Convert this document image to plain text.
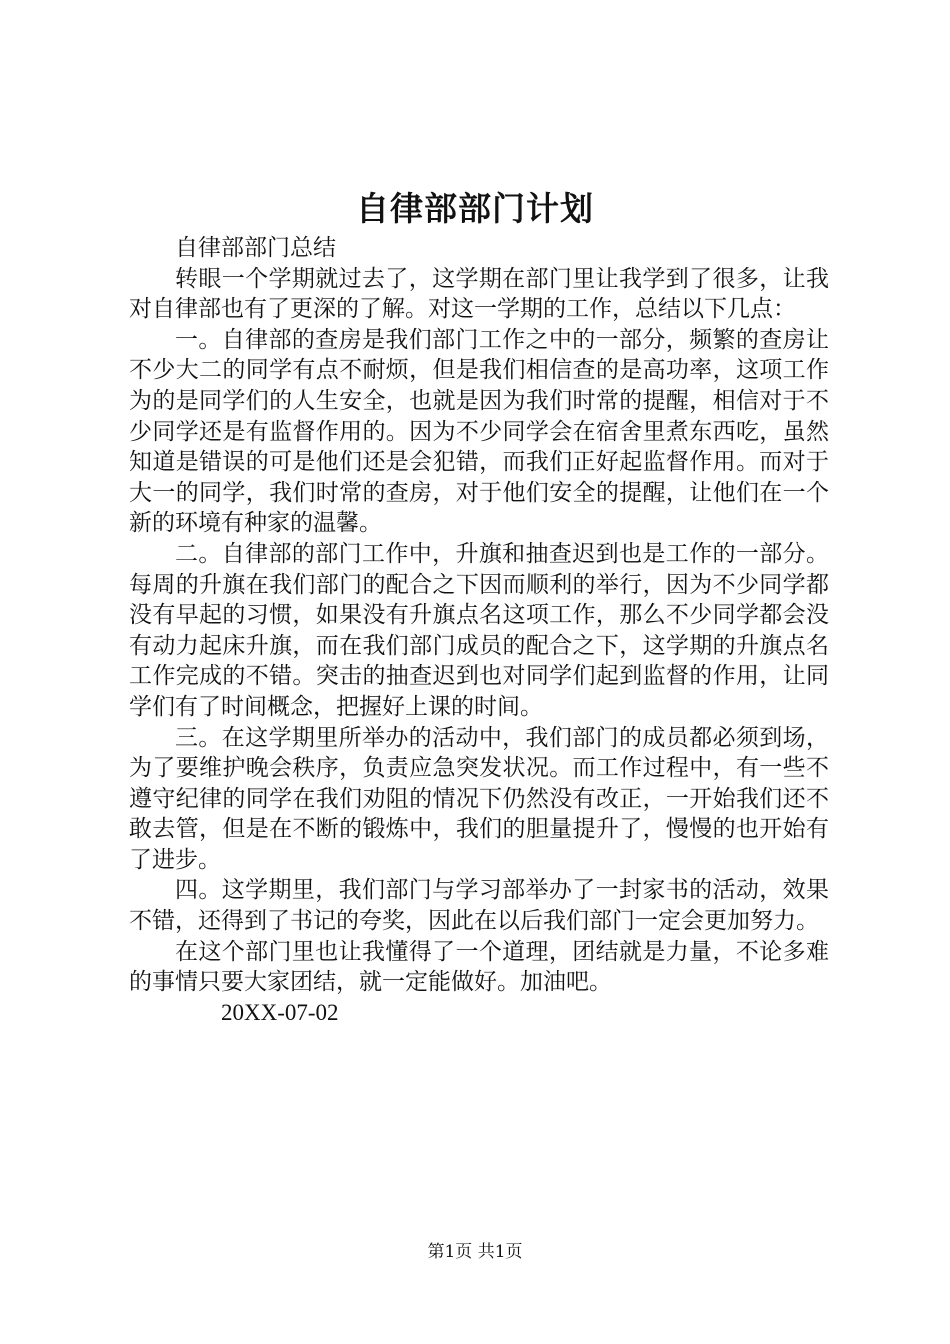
自律部部门计划

自律部部门总结

转眼一个学期就过去了，这学期在部门里让我学到了很多，让我对自律部也有了更深的了解。对这一学期的工作，总结以下几点：

一。自律部的查房是我们部门工作之中的一部分，频繁的查房让不少大二的同学有点不耐烦，但是我们相信查的是高功率，这项工作为的是同学们的人生安全，也就是因为我们时常的提醒，相信对于不少同学还是有监督作用的。因为不少同学会在宿舍里煮东西吃，虽然知道是错误的可是他们还是会犯错，而我们正好起监督作用。而对于大一的同学，我们时常的查房，对于他们安全的提醒，让他们在一个新的环境有种家的温馨。

二。自律部的部门工作中，升旗和抽查迟到也是工作的一部分。每周的升旗在我们部门的配合之下因而顺利的举行，因为不少同学都没有早起的习惯，如果没有升旗点名这项工作，那么不少同学都会没有动力起床升旗，而在我们部门成员的配合之下，这学期的升旗点名工作完成的不错。突击的抽查迟到也对同学们起到监督的作用，让同学们有了时间概念，把握好上课的时间。

三。在这学期里所举办的活动中，我们部门的成员都必须到场，为了要维护晚会秩序，负责应急突发状况。而工作过程中，有一些不遵守纪律的同学在我们劝阻的情况下仍然没有改正，一开始我们还不敢去管，但是在不断的锻炼中，我们的胆量提升了，慢慢的也开始有了进步。

四。这学期里，我们部门与学习部举办了一封家书的活动，效果不错，还得到了书记的夸奖，因此在以后我们部门一定会更加努力。

在这个部门里也让我懂得了一个道理，团结就是力量，不论多难的事情只要大家团结，就一定能做好。加油吧。

20XX-07-02

第1页 共1页
